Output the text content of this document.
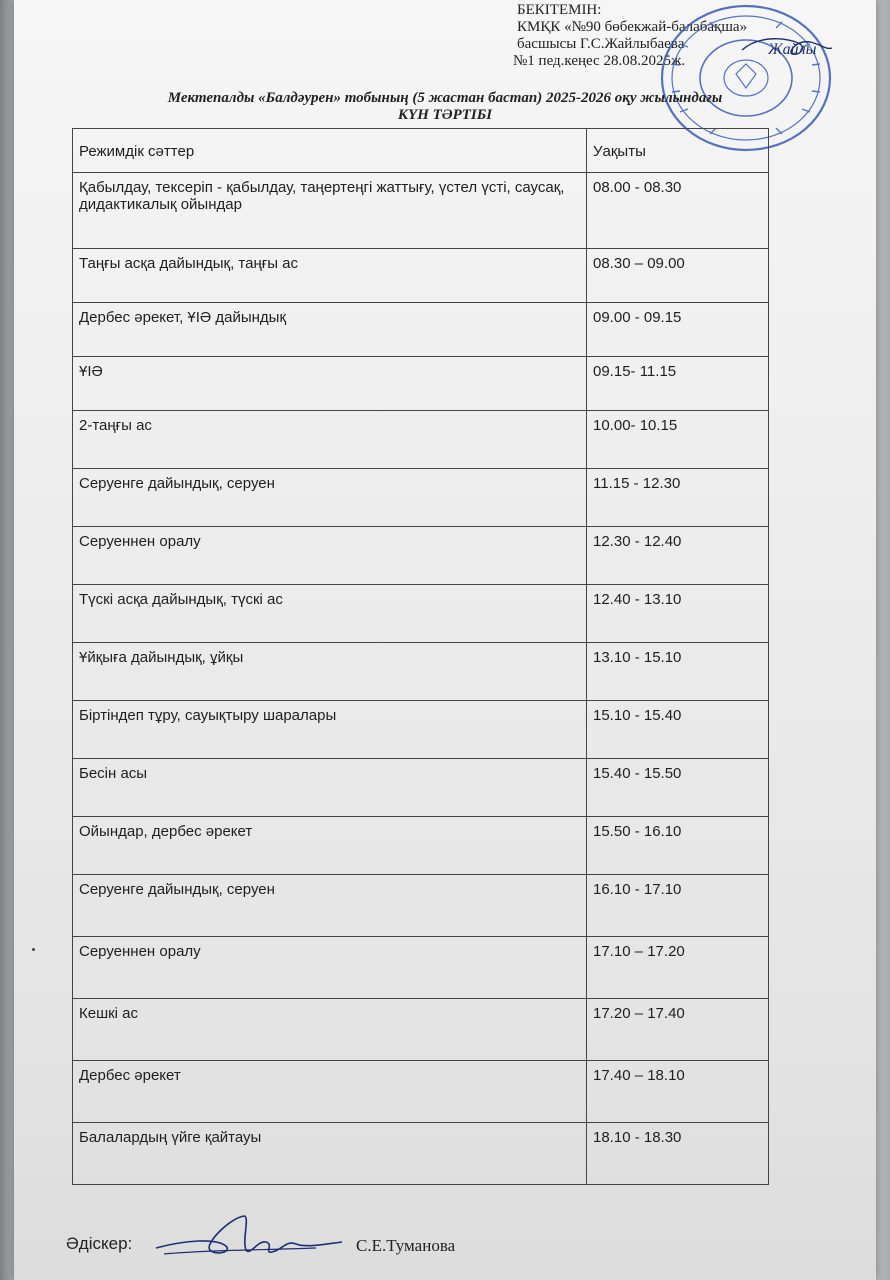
БЕКІТЕМІН:
КМҚК «№90 бөбекжай-балабақша»
басшысы Г.С.Жайлыбаева
№1 пед.кеңес 28.08.2025ж.
Жайлы
Мектепалды «Балдәурен» тобының (5 жастан бастап) 2025-2026 оқу жылындағы
КҮН ТӘРТІБІ
Режимдік сәттер	Уақыты
Қабылдау, тексеріп - қабылдау, таңертеңгі жаттығу, үстел үсті, саусақ, дидактикалық ойындар	08.00 - 08.30
Таңғы асқа дайындық, таңғы ас	08.30 – 09.00
Дербес әрекет, ҰІӘ дайындық	09.00 - 09.15
ҰІӘ	09.15- 11.15
2-таңғы ас	10.00- 10.15
Серуенге дайындық, серуен	11.15 - 12.30
Серуеннен оралу	12.30 - 12.40
Түскі асқа дайындық, түскі ас	12.40 - 13.10
Ұйқыға дайындық, ұйқы	13.10 - 15.10
Біртіндеп тұру, сауықтыру шаралары	15.10 - 15.40
Бесін асы	15.40 - 15.50
Ойындар, дербес әрекет	15.50 - 16.10
Серуенге дайындық, серуен	16.10 - 17.10
Серуеннен оралу	17.10 – 17.20
Кешкі ас	17.20 – 17.40
Дербес әрекет	17.40 – 18.10
Балалардың үйге қайтауы	18.10 - 18.30
Әдіскер:	С.Е.Туманова
